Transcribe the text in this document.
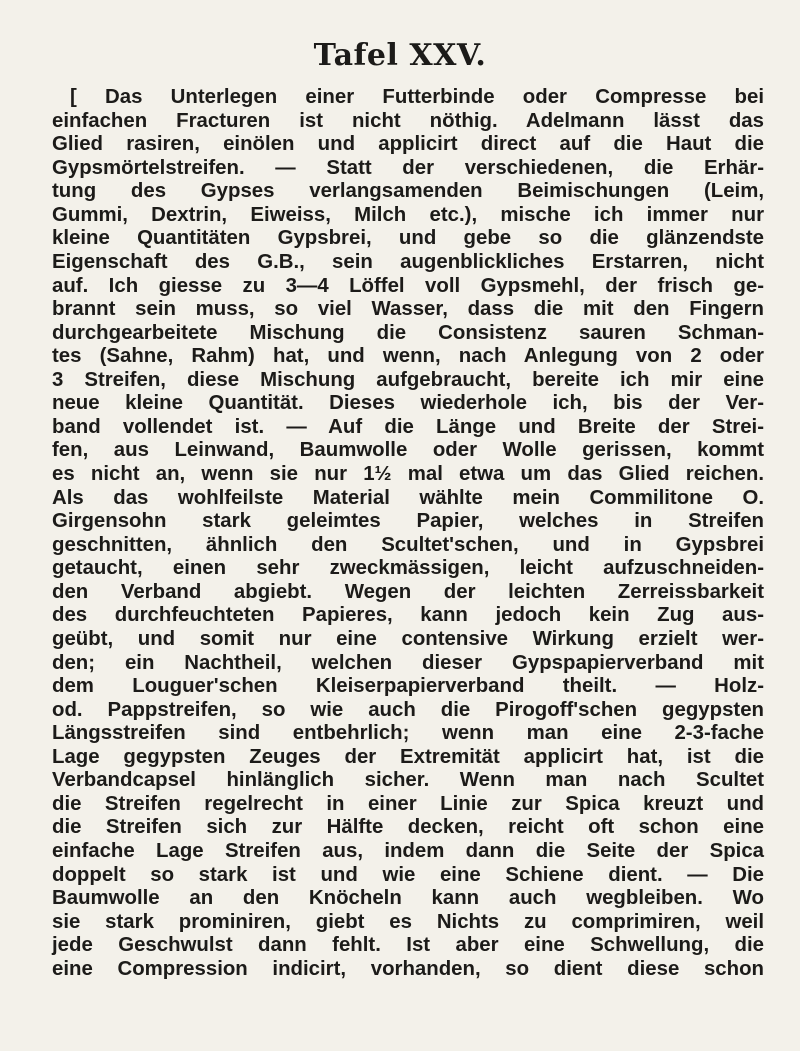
Tafel XXV.
[ Das Unterlegen einer Futterbinde oder Compresse bei
einfachen Fracturen ist nicht nöthig. Adelmann lässt das
Glied rasiren, einölen und applicirt direct auf die Haut die
Gypsmörtelstreifen. — Statt der verschiedenen, die Erhär-
tung des Gypses verlangsamenden Beimischungen (Leim,
Gummi, Dextrin, Eiweiss, Milch etc.), mische ich immer nur
kleine Quantitäten Gypsbrei, und gebe so die glänzendste
Eigenschaft des G.B., sein augenblickliches Erstarren, nicht
auf. Ich giesse zu 3—4 Löffel voll Gypsmehl, der frisch ge-
brannt sein muss, so viel Wasser, dass die mit den Fingern
durchgearbeitete Mischung die Consistenz sauren Schman-
tes (Sahne, Rahm) hat, und wenn, nach Anlegung von 2 oder
3 Streifen, diese Mischung aufgebraucht, bereite ich mir eine
neue kleine Quantität. Dieses wiederhole ich, bis der Ver-
band vollendet ist. — Auf die Länge und Breite der Strei-
fen, aus Leinwand, Baumwolle oder Wolle gerissen, kommt
es nicht an, wenn sie nur 1½ mal etwa um das Glied reichen.
Als das wohlfeilste Material wählte mein Commilitone O.
Girgensohn stark geleimtes Papier, welches in Streifen
geschnitten, ähnlich den Scultet'schen, und in Gypsbrei
getaucht, einen sehr zweckmässigen, leicht aufzuschneiden-
den Verband abgiebt. Wegen der leichten Zerreissbarkeit
des durchfeuchteten Papieres, kann jedoch kein Zug aus-
geübt, und somit nur eine contensive Wirkung erzielt wer-
den; ein Nachtheil, welchen dieser Gypspapierverband mit
dem Louguer'schen Kleiserpapierverband theilt. — Holz-
od. Pappstreifen, so wie auch die Pirogoff'schen gegypsten
Längsstreifen sind entbehrlich; wenn man eine 2-3-fache
Lage gegypsten Zeuges der Extremität applicirt hat, ist die
Verbandcapsel hinlänglich sicher. Wenn man nach Scultet
die Streifen regelrecht in einer Linie zur Spica kreuzt und
die Streifen sich zur Hälfte decken, reicht oft schon eine
einfache Lage Streifen aus, indem dann die Seite der Spica
doppelt so stark ist und wie eine Schiene dient. — Die
Baumwolle an den Knöcheln kann auch wegbleiben. Wo
sie stark prominiren, giebt es Nichts zu comprimiren, weil
jede Geschwulst dann fehlt. Ist aber eine Schwellung, die
eine Compression indicirt, vorhanden, so dient diese schon
